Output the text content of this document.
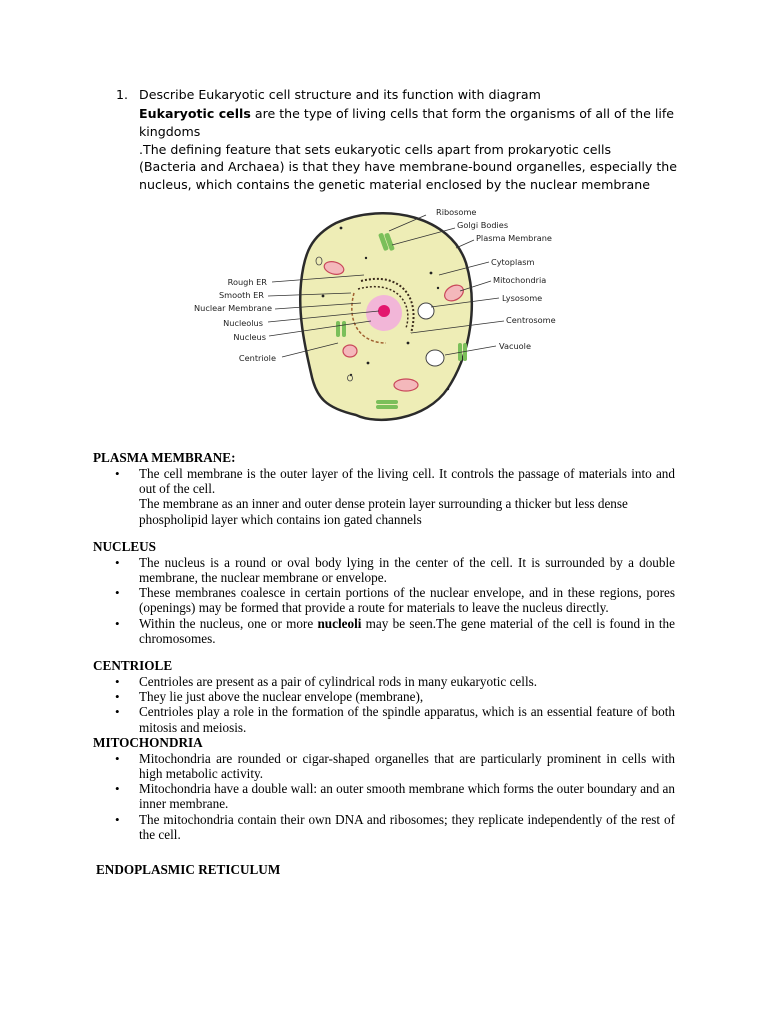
1. Describe Eukaryotic cell structure and its function with diagram
Eukaryotic cells are the type of living cells that form the organisms of all of the life kingdoms
.The defining feature that sets eukaryotic cells apart from prokaryotic cells
(Bacteria and Archaea) is that they have membrane-bound organelles, especially the
nucleus, which contains the genetic material enclosed by the nuclear membrane
Ribosome
Golgi Bodies
Plasma Membrane
Cytoplasm
Mitochondria
Lysosome
Centrosome
Vacuole
Rough ER
Smooth ER
Nuclear Membrane
Nucleolus
Nucleus
Centriole
PLASMA MEMBRANE:
• The cell membrane is the outer layer of the living cell. It controls the passage of materials into and out of the cell.
The membrane as an inner and outer dense protein layer surrounding a thicker but less dense phospholipid layer which contains ion gated channels
NUCLEUS
• The nucleus is a round or oval body lying in the center of the cell. It is surrounded by a double membrane, the nuclear membrane or envelope.
• These membranes coalesce in certain portions of the nuclear envelope, and in these regions, pores (openings) may be formed that provide a route for materials to leave the nucleus directly.
• Within the nucleus, one or more nucleoli may be seen.The gene material of the cell is found in the chromosomes.
CENTRIOLE
• Centrioles are present as a pair of cylindrical rods in many eukaryotic cells.
• They lie just above the nuclear envelope (membrane),
• Centrioles play a role in the formation of the spindle apparatus, which is an essential feature of both mitosis and meiosis.
MITOCHONDRIA
• Mitochondria are rounded or cigar-shaped organelles that are particularly prominent in cells with high metabolic activity.
• Mitochondria have a double wall: an outer smooth membrane which forms the outer boundary and an inner membrane.
• The mitochondria contain their own DNA and ribosomes; they replicate independently of the rest of the cell.
ENDOPLASMIC RETICULUM
